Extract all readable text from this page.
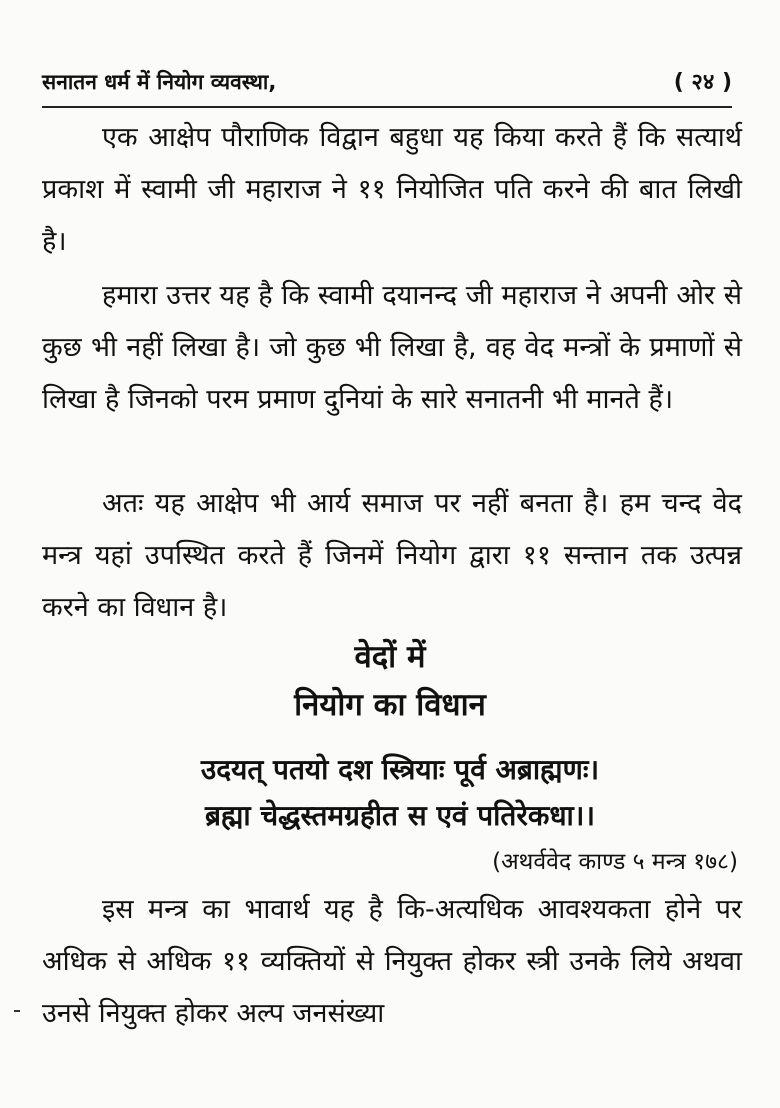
सनातन धर्म में नियोग व्यवस्था,	( २४ )

एक आक्षेप पौराणिक विद्वान बहुधा यह किया करते हैं कि सत्यार्थ प्रकाश में स्वामी जी महाराज ने ११ नियोजित पति करने की बात लिखी है।

हमारा उत्तर यह है कि स्वामी दयानन्द जी महाराज ने अपनी ओर से कुछ भी नहीं लिखा है। जो कुछ भी लिखा है, वह वेद मन्त्रों के प्रमाणों से लिखा है जिनको परम प्रमाण दुनियां के सारे सनातनी भी मानते हैं।

अतः यह आक्षेप भी आर्य समाज पर नहीं बनता है। हम चन्द वेद मन्त्र यहां उपस्थित करते हैं जिनमें नियोग द्वारा ११ सन्तान तक उत्पन्न करने का विधान है।

वेदों में
नियोग का विधान
उदयत् पतयो दश स्त्रियाः पूर्व अब्राह्मणः।
ब्रह्मा चेद्धस्तमग्रहीत स एवं पतिरेकधा।।
(अथर्ववेद काण्ड ५ मन्त्र १७८)

इस मन्त्र का भावार्थ यह है कि-अत्यधिक आवश्यकता होने पर अधिक से अधिक ११ व्यक्तियों से नियुक्त होकर स्त्री उनके लिये अथवा उनसे नियुक्त होकर अल्प जनसंख्या
